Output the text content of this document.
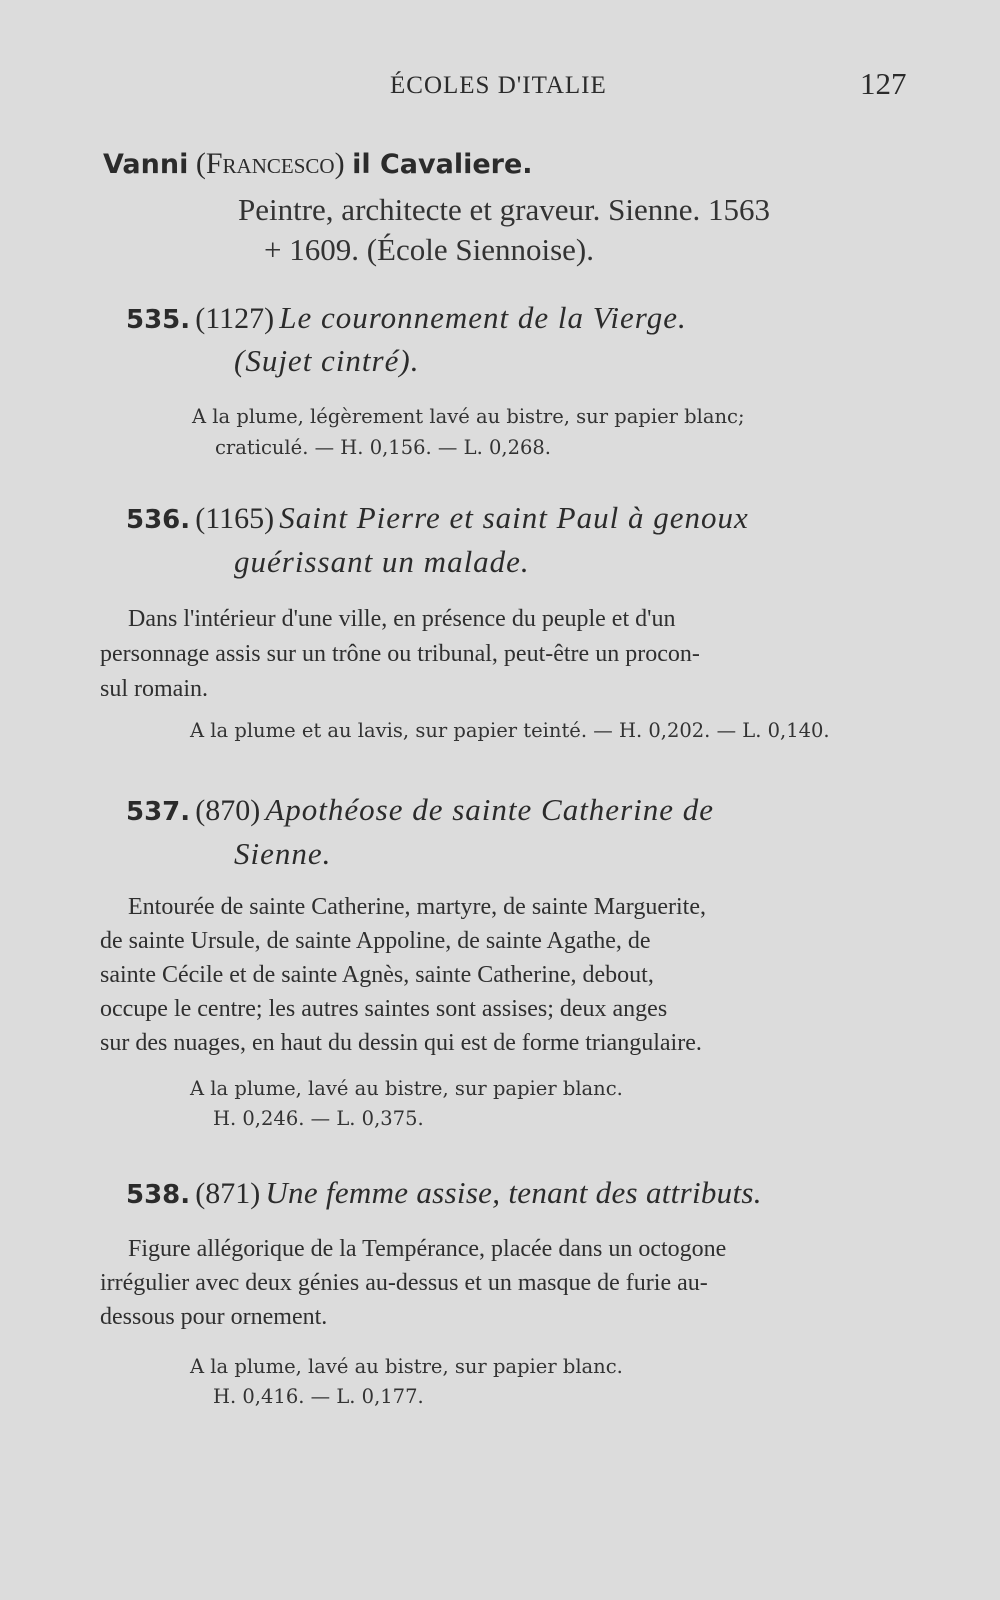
ÉCOLES D'ITALIE	127
Vanni (Francesco) il Cavaliere.
Peintre, architecte et graveur. Sienne. 1563
+ 1609. (École Siennoise).
535. (1127) Le couronnement de la Vierge.
(Sujet cintré).
A la plume, légèrement lavé au bistre, sur papier blanc;
craticulé. — H. 0,156. — L. 0,268.
536. (1165) Saint Pierre et saint Paul à genoux
guérissant un malade.
Dans l'intérieur d'une ville, en présence du peuple et d'un
personnage assis sur un trône ou tribunal, peut-être un procon-
sul romain.
A la plume et au lavis, sur papier teinté. — H. 0,202. — L. 0,140.
537. (870) Apothéose de sainte Catherine de
Sienne.
Entourée de sainte Catherine, martyre, de sainte Marguerite,
de sainte Ursule, de sainte Appoline, de sainte Agathe, de
sainte Cécile et de sainte Agnès, sainte Catherine, debout,
occupe le centre; les autres saintes sont assises; deux anges
sur des nuages, en haut du dessin qui est de forme triangulaire.
A la plume, lavé au bistre, sur papier blanc.
H. 0,246. — L. 0,375.
538. (871) Une femme assise, tenant des attributs.
Figure allégorique de la Tempérance, placée dans un octogone
irrégulier avec deux génies au-dessus et un masque de furie au-
dessous pour ornement.
A la plume, lavé au bistre, sur papier blanc.
H. 0,416. — L. 0,177.
